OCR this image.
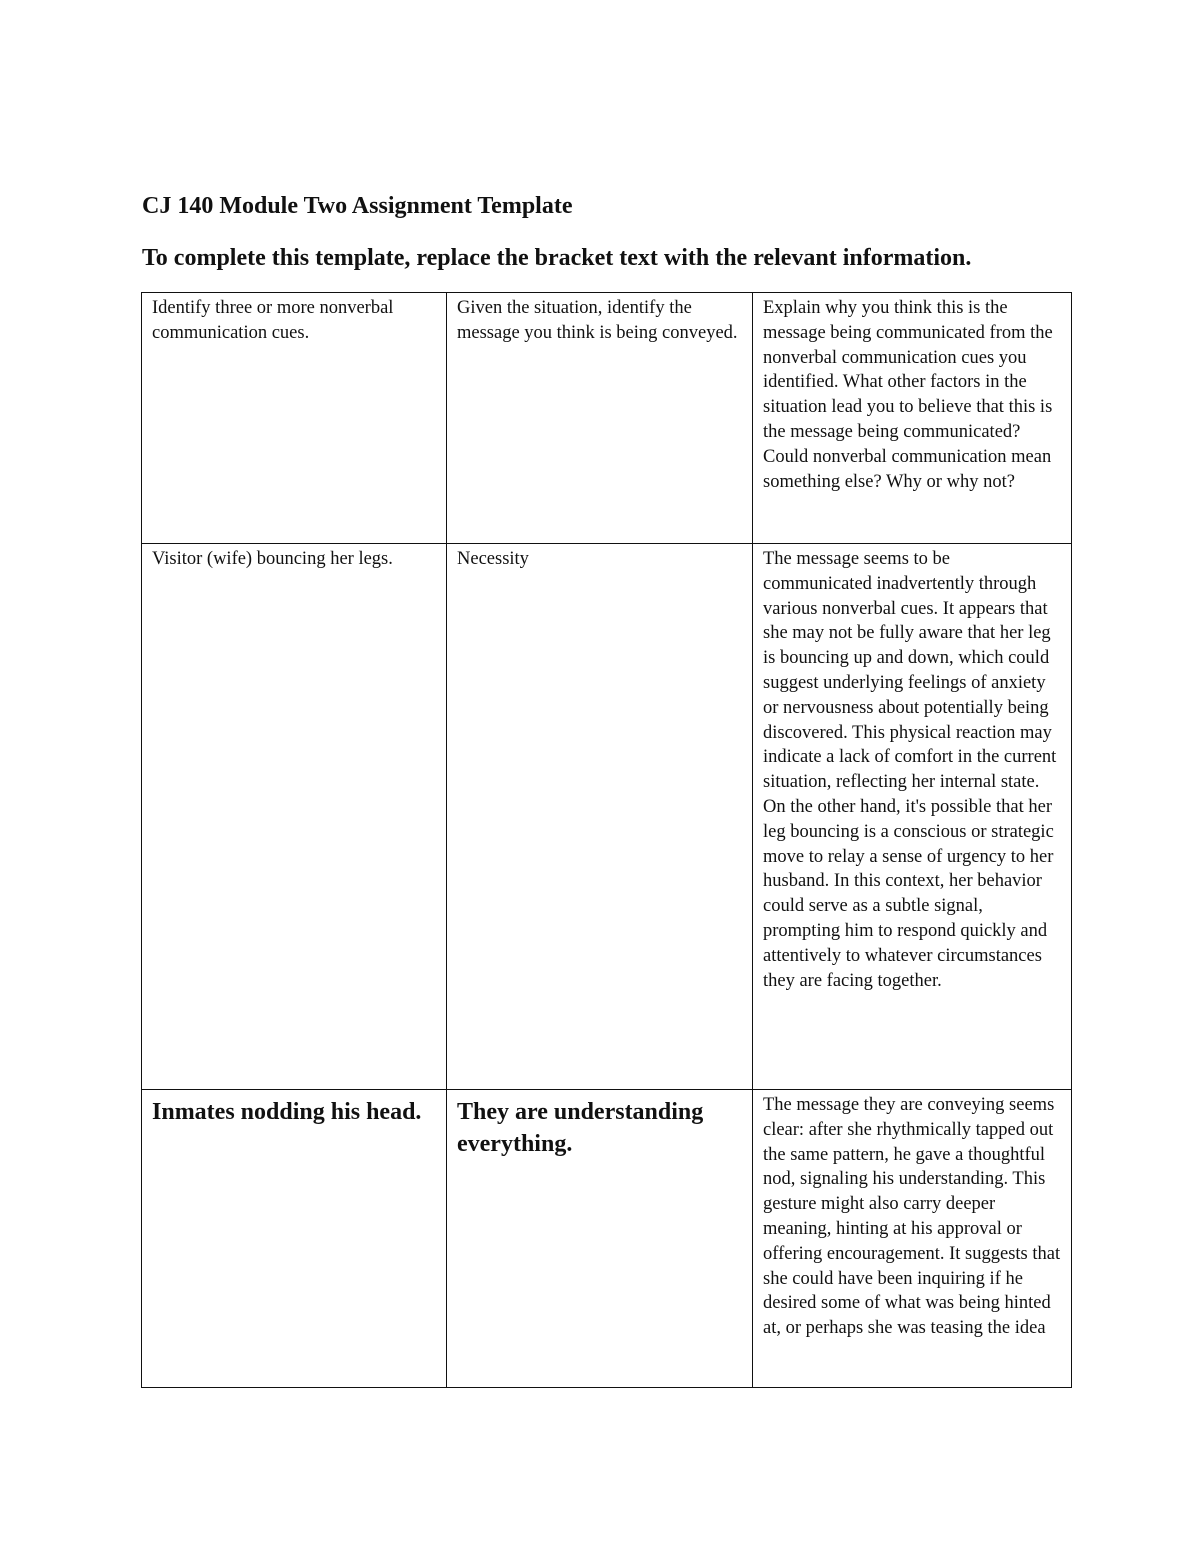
CJ 140 Module Two Assignment Template

To complete this template, replace the bracket text with the relevant information.

Identify three or more nonverbal communication cues.	Given the situation, identify the message you think is being conveyed.	Explain why you think this is the message being communicated from the nonverbal communication cues you identified. What other factors in the situation lead you to believe that this is the message being communicated? Could nonverbal communication mean something else? Why or why not?
Visitor (wife) bouncing her legs.	Necessity	The message seems to be communicated inadvertently through various nonverbal cues. It appears that she may not be fully aware that her leg is bouncing up and down, which could suggest underlying feelings of anxiety or nervousness about potentially being discovered. This physical reaction may indicate a lack of comfort in the current situation, reflecting her internal state. On the other hand, it's possible that her leg bouncing is a conscious or strategic move to relay a sense of urgency to her husband. In this context, her behavior could serve as a subtle signal, prompting him to respond quickly and attentively to whatever circumstances they are facing together.
Inmates nodding his head.	They are understanding everything.	The message they are conveying seems clear: after she rhythmically tapped out the same pattern, he gave a thoughtful nod, signaling his understanding. This gesture might also carry deeper meaning, hinting at his approval or offering encouragement. It suggests that she could have been inquiring if he desired some of what was being hinted at, or perhaps she was teasing the idea
